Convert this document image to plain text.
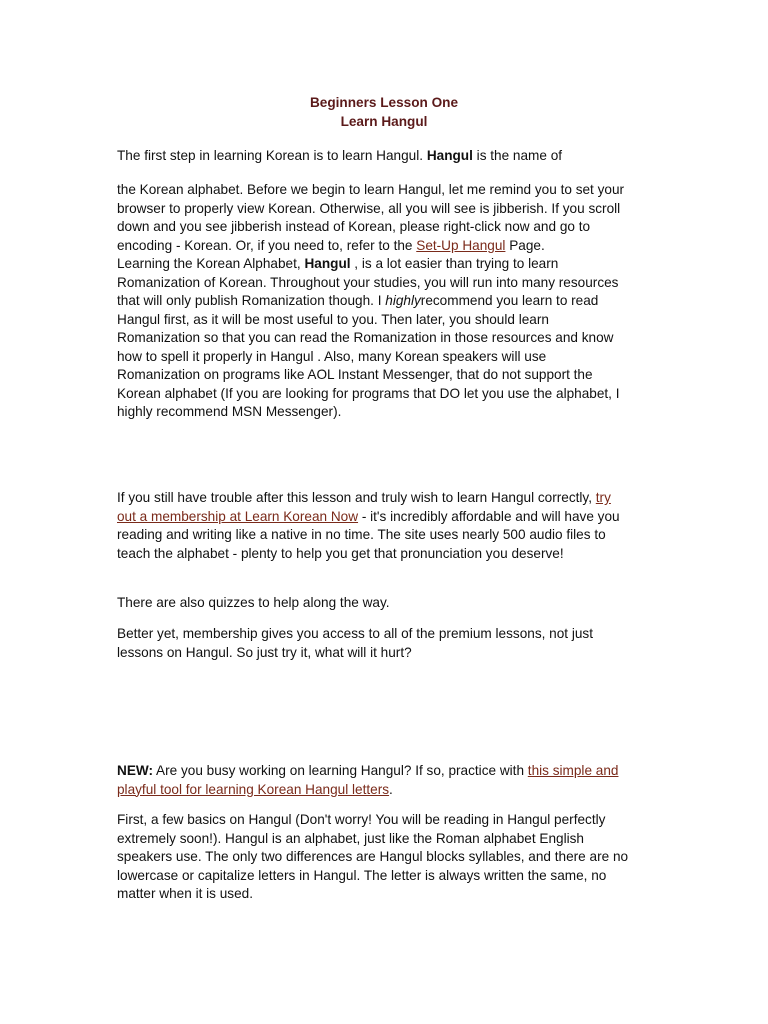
Beginners Lesson One
Learn Hangul

The first step in learning Korean is to learn Hangul. Hangul is the name of

the Korean alphabet. Before we begin to learn Hangul, let me remind you to set your
browser to properly view Korean. Otherwise, all you will see is jibberish. If you scroll
down and you see jibberish instead of Korean, please right-click now and go to
encoding - Korean. Or, if you need to, refer to the Set-Up Hangul Page.
Learning the Korean Alphabet, Hangul , is a lot easier than trying to learn
Romanization of Korean. Throughout your studies, you will run into many resources
that will only publish Romanization though. I highlyrecommend you learn to read
Hangul first, as it will be most useful to you. Then later, you should learn
Romanization so that you can read the Romanization in those resources and know
how to spell it properly in Hangul . Also, many Korean speakers will use
Romanization on programs like AOL Instant Messenger, that do not support the
Korean alphabet (If you are looking for programs that DO let you use the alphabet, I
highly recommend MSN Messenger).

If you still have trouble after this lesson and truly wish to learn Hangul correctly, try
out a membership at Learn Korean Now - it's incredibly affordable and will have you
reading and writing like a native in no time. The site uses nearly 500 audio files to
teach the alphabet - plenty to help you get that pronunciation you deserve!

There are also quizzes to help along the way.

Better yet, membership gives you access to all of the premium lessons, not just
lessons on Hangul. So just try it, what will it hurt?

NEW: Are you busy working on learning Hangul? If so, practice with this simple and
playful tool for learning Korean Hangul letters.

First, a few basics on Hangul (Don't worry! You will be reading in Hangul perfectly
extremely soon!). Hangul is an alphabet, just like the Roman alphabet English
speakers use. The only two differences are Hangul blocks syllables, and there are no
lowercase or capitalize letters in Hangul. The letter is always written the same, no
matter when it is used.
